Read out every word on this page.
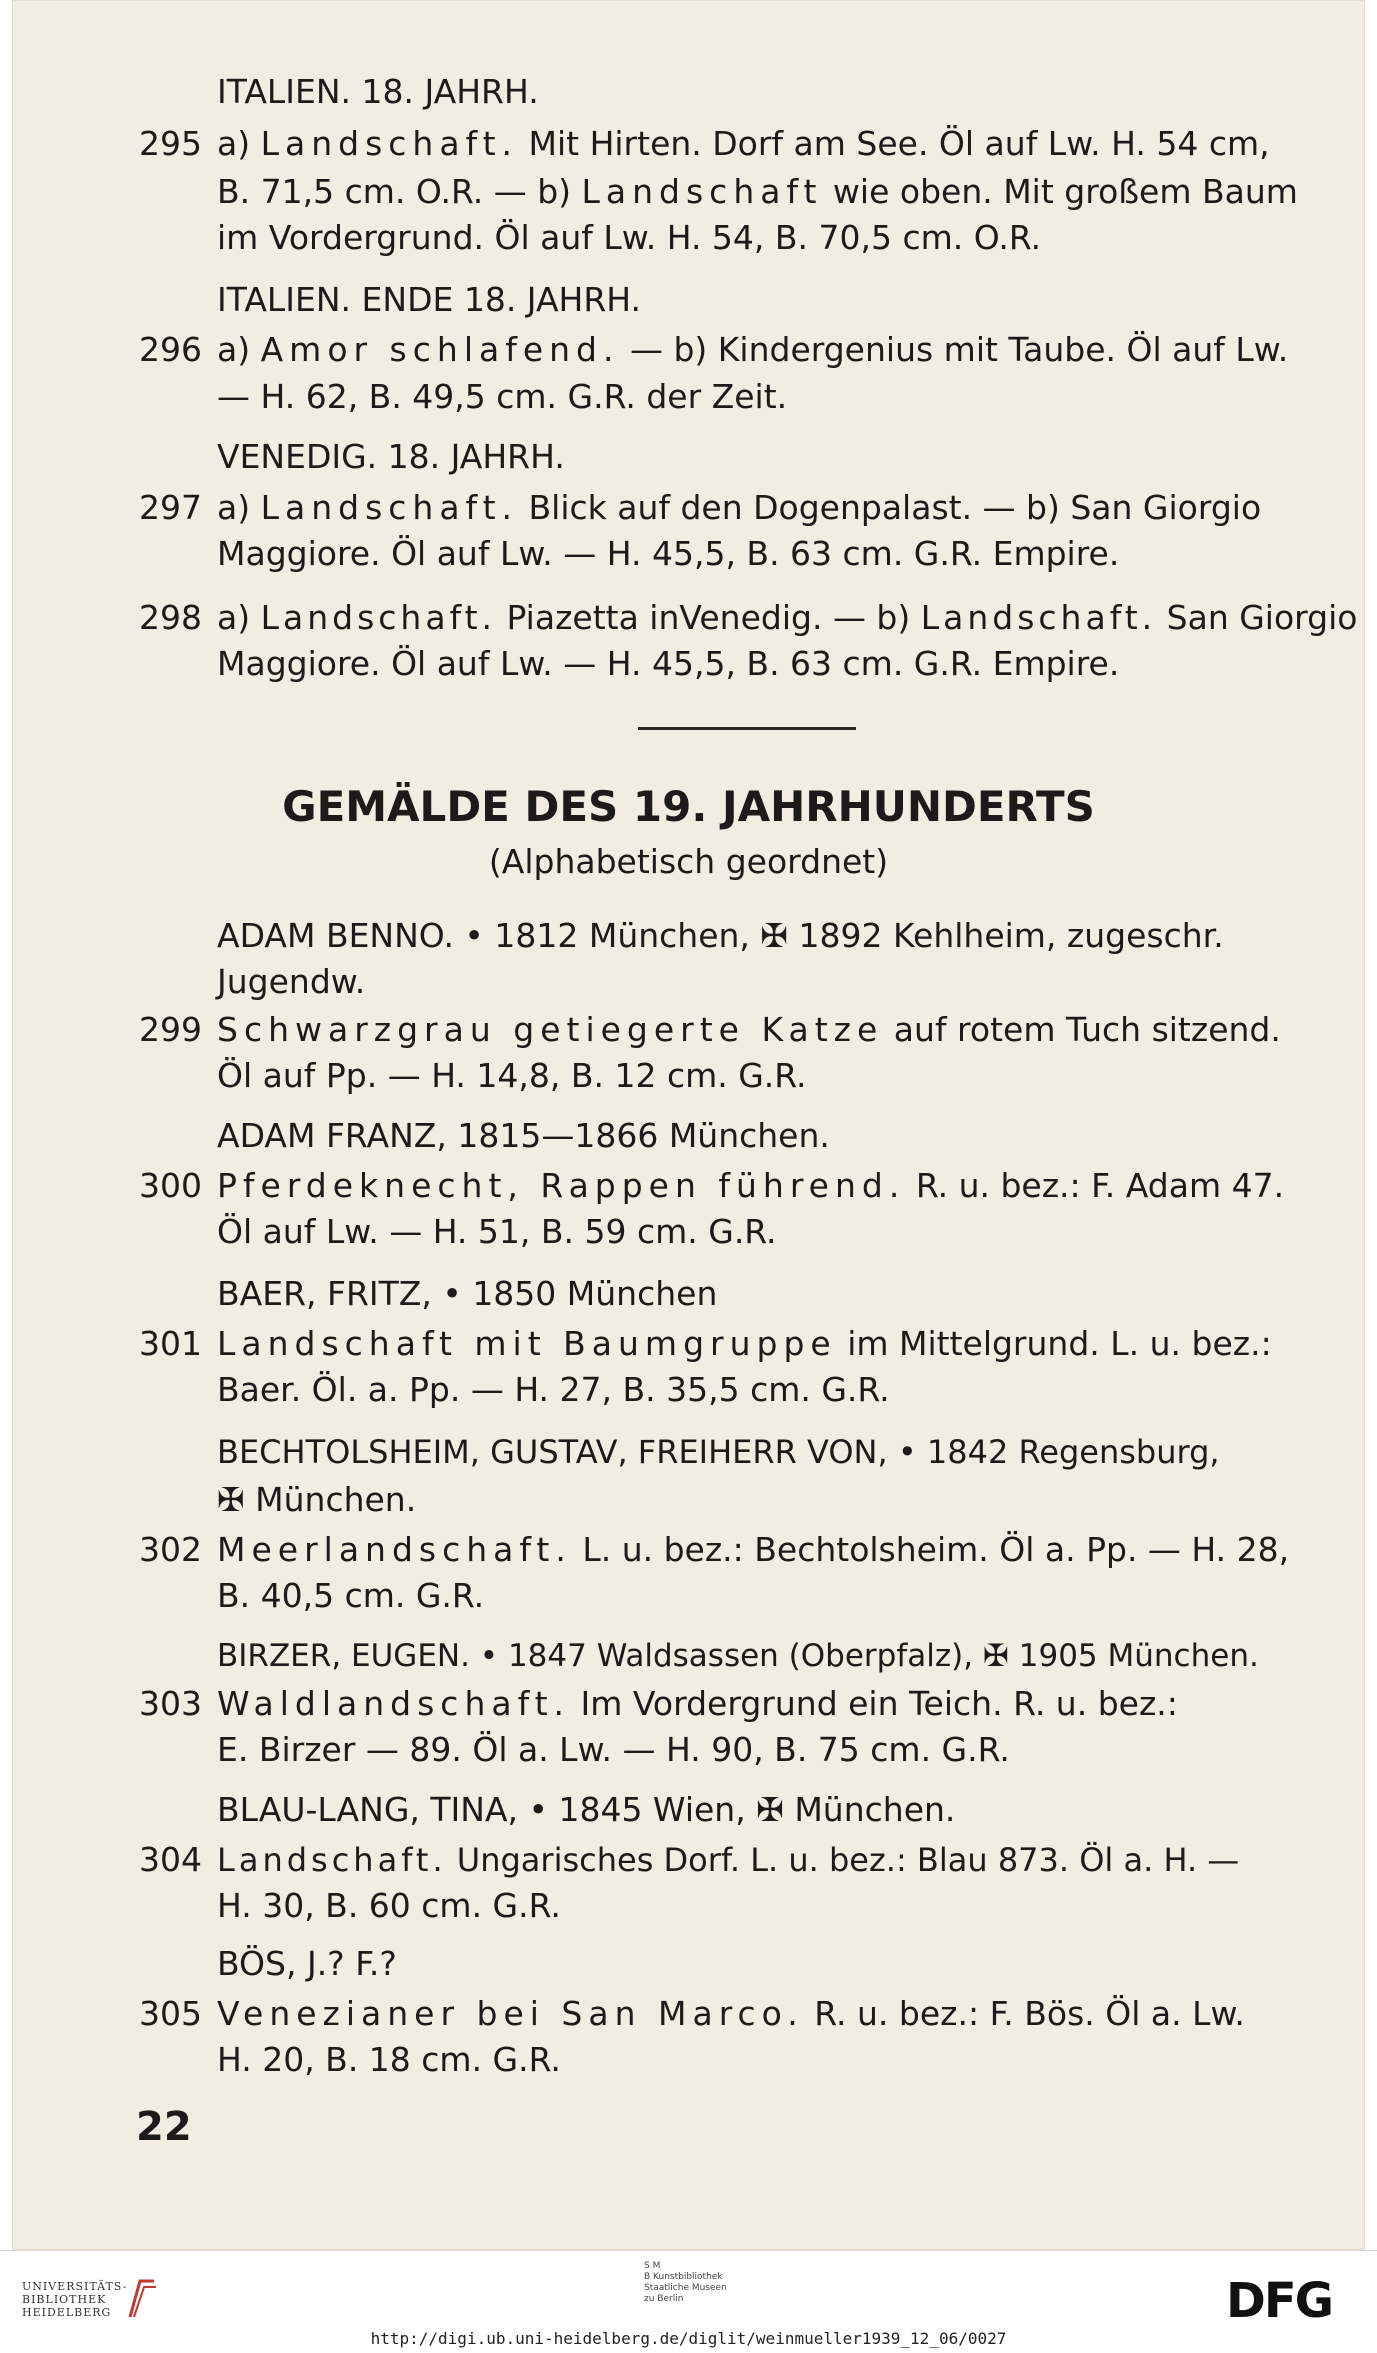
ITALIEN. 18. JAHRH.
295 a) Landschaft. Mit Hirten. Dorf am See. Öl auf Lw. H. 54 cm,
B. 71,5 cm. O.R. — b) Landschaft wie oben. Mit großem Baum
im Vordergrund. Öl auf Lw. H. 54, B. 70,5 cm. O.R.
ITALIEN. ENDE 18. JAHRH.
296 a) Amor schlafend. — b) Kindergenius mit Taube. Öl auf Lw.
— H. 62, B. 49,5 cm. G.R. der Zeit.
VENEDIG. 18. JAHRH.
297 a) Landschaft. Blick auf den Dogenpalast. — b) San Giorgio
Maggiore. Öl auf Lw. — H. 45,5, B. 63 cm. G.R. Empire.
298 a) Landschaft. Piazetta inVenedig. — b) Landschaft. San Giorgio
Maggiore. Öl auf Lw. — H. 45,5, B. 63 cm. G.R. Empire.
GEMÄLDE DES 19. JAHRHUNDERTS
(Alphabetisch geordnet)
ADAM BENNO. • 1812 München, ✠ 1892 Kehlheim, zugeschr.
Jugendw.
299 Schwarzgrau getiegerte Katze auf rotem Tuch sitzend.
Öl auf Pp. — H. 14,8, B. 12 cm. G.R.
ADAM FRANZ, 1815—1866 München.
300 Pferdeknecht, Rappen führend. R. u. bez.: F. Adam 47.
Öl auf Lw. — H. 51, B. 59 cm. G.R.
BAER, FRITZ, • 1850 München
301 Landschaft mit Baumgruppe im Mittelgrund. L. u. bez.:
Baer. Öl. a. Pp. — H. 27, B. 35,5 cm. G.R.
BECHTOLSHEIM, GUSTAV, FREIHERR VON, • 1842 Regensburg,
✠ München.
302 Meerlandschaft. L. u. bez.: Bechtolsheim. Öl a. Pp. — H. 28,
B. 40,5 cm. G.R.
BIRZER, EUGEN. • 1847 Waldsassen (Oberpfalz), ✠ 1905 München.
303 Waldlandschaft. Im Vordergrund ein Teich. R. u. bez.:
E. Birzer — 89. Öl a. Lw. — H. 90, B. 75 cm. G.R.
BLAU-LANG, TINA, • 1845 Wien, ✠ München.
304 Landschaft. Ungarisches Dorf. L. u. bez.: Blau 873. Öl a. H. —
H. 30, B. 60 cm. G.R.
BÖS, J.? F.?
305 Venezianer bei San Marco. R. u. bez.: F. Bös. Öl a. Lw.
H. 20, B. 18 cm. G.R.
22
UNIVERSITÄTS-
BIBLIOTHEK
HEIDELBERG
S M
B Kunstbibliothek
Staatliche Museen
zu Berlin	DFG
http://digi.ub.uni-heidelberg.de/diglit/weinmueller1939_12_06/0027
